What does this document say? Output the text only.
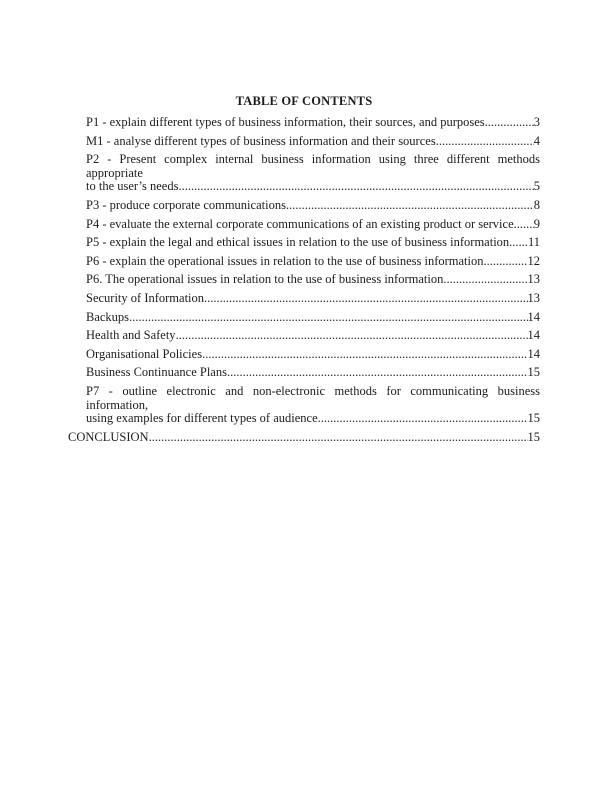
TABLE OF CONTENTS
P1 - explain different types of business information, their sources, and purposes .....	3
M1 - analyse different types of business information and their sources .....	4
P2 - Present complex internal business information using three different methods appropriate
to the user’s needs .....	5
P3 - produce corporate communications .....	8
P4 - evaluate the external corporate communications of an existing product or service ..... 9
P5 - explain the legal and ethical issues in relation to the use of business information ..... 11
P6 - explain the operational issues in relation to the use of business information .....	12
P6. The operational issues in relation to the use of business information .....	13
Security of Information .....	13
Backups .....	14
Health and Safety .....	14
Organisational Policies .....	14
Business Continuance Plans .....	15
P7 - outline electronic and non-electronic methods for communicating business information,
using examples for different types of audience .....	15
CONCLUSION .....	15
